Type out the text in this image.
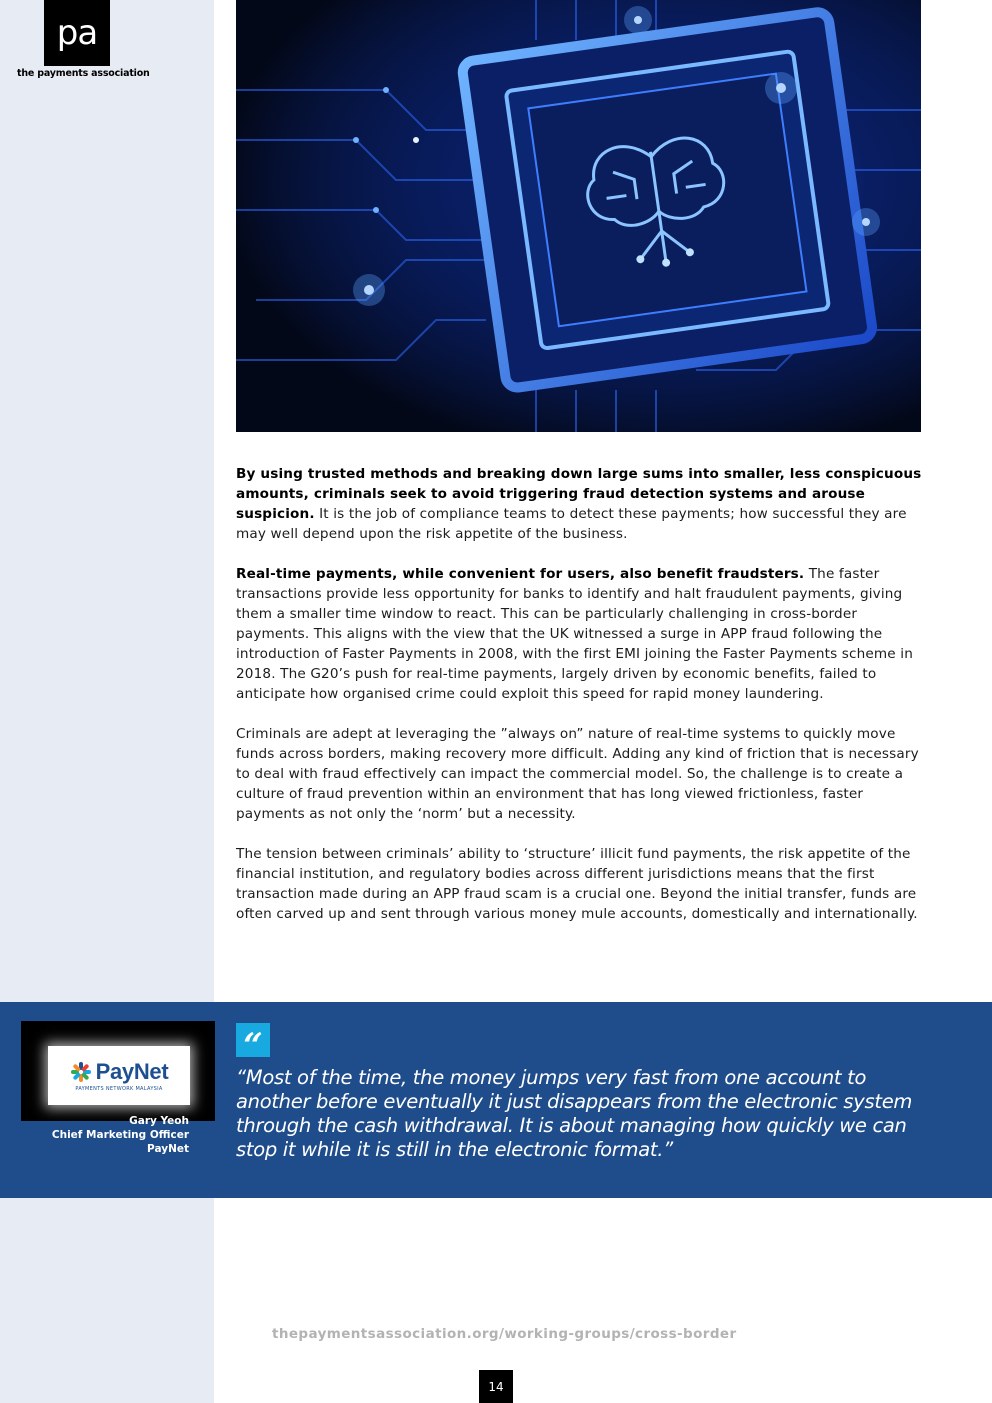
pa
the payments association

By using trusted methods and breaking down large sums into smaller, less conspicuous amounts, criminals seek to avoid triggering fraud detection systems and arouse suspicion. It is the job of compliance teams to detect these payments; how successful they are may well depend upon the risk appetite of the business.

Real-time payments, while convenient for users, also benefit fraudsters. The faster transactions provide less opportunity for banks to identify and halt fraudulent payments, giving them a smaller time window to react. This can be particularly challenging in cross-border payments. This aligns with the view that the UK witnessed a surge in APP fraud following the introduction of Faster Payments in 2008, with the first EMI joining the Faster Payments scheme in 2018. The G20’s push for real-time payments, largely driven by economic benefits, failed to anticipate how organised crime could exploit this speed for rapid money laundering.

Criminals are adept at leveraging the ”always on” nature of real-time systems to quickly move funds across borders, making recovery more difficult. Adding any kind of friction that is necessary to deal with fraud effectively can impact the commercial model. So, the challenge is to create a culture of fraud prevention within an environment that has long viewed frictionless, faster payments as not only the ‘norm’ but a necessity.

The tension between criminals’ ability to ‘structure’ illicit fund payments, the risk appetite of the financial institution, and regulatory bodies across different jurisdictions means that the first transaction made during an APP fraud scam is a crucial one. Beyond the initial transfer, funds are often carved up and sent through various money mule accounts, domestically and internationally.

PayNet
PAYMENTS NETWORK MALAYSIA
Gary Yeoh
Chief Marketing Officer
PayNet
“
“Most of the time, the money jumps very fast from one account to another before eventually it just disappears from the electronic system through the cash withdrawal. It is about managing how quickly we can stop it while it is still in the electronic format.”
thepaymentsassociation.org/working-groups/cross-border
14
